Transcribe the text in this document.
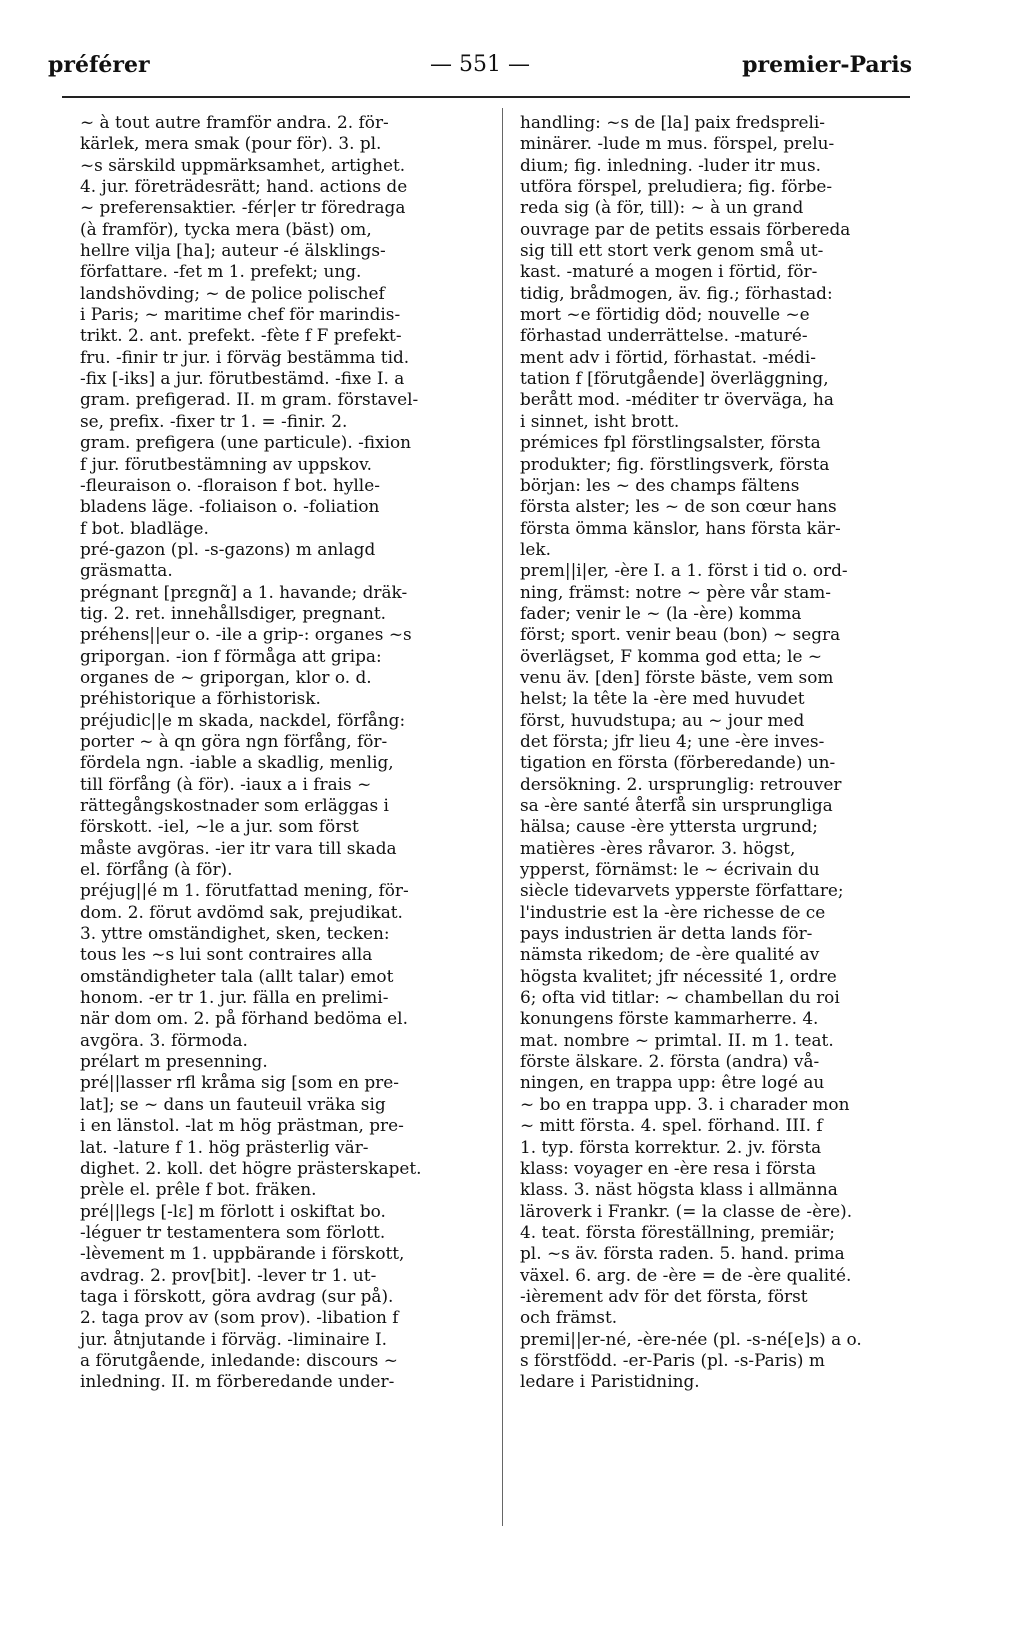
préférer	— 551 —	premier-Paris

~ à tout autre framför andra. 2. för-
kärlek, mera smak (pour för). 3. pl.
~s särskild uppmärksamhet, artighet.
4. jur. företrädesrätt; hand. actions de
~ preferensaktier. -fér|er tr föredraga
(à framför), tycka mera (bäst) om,
hellre vilja [ha]; auteur -é älsklings-
författare. -fet m 1. prefekt; ung.
landshövding; ~ de police polischef
i Paris; ~ maritime chef för marindis-
trikt. 2. ant. prefekt. -fète f F prefekt-
fru. -finir tr jur. i förväg bestämma tid.
-fix [-iks] a jur. förutbestämd. -fixe I. a
gram. prefigerad. II. m gram. förstavel-
se, prefix. -fixer tr 1. = -finir. 2.
gram. prefigera (une particule). -fixion
f jur. förutbestämning av uppskov.
-fleuraison o. -floraison f bot. hylle-
bladens läge. -foliaison o. -foliation
f bot. bladläge.

pré-gazon (pl. -s-gazons) m anlagd
gräsmatta.

prégnant [prɛgnɑ̃] a 1. havande; dräk-
tig. 2. ret. innehållsdiger, pregnant.

préhens||eur o. -ile a grip-: organes ~s
griporgan. -ion f förmåga att gripa:
organes de ~ griporgan, klor o. d.

préhistorique a förhistorisk.

préjudic||e m skada, nackdel, förfång:
porter ~ à qn göra ngn förfång, för-
fördela ngn. -iable a skadlig, menlig,
till förfång (à för). -iaux a i frais ~
rättegångskostnader som erläggas i
förskott. -iel, ~le a jur. som först
måste avgöras. -ier itr vara till skada
el. förfång (à för).

préjug||é m 1. förutfattad mening, för-
dom. 2. förut avdömd sak, prejudikat.
3. yttre omständighet, sken, tecken:
tous les ~s lui sont contraires alla
omständigheter tala (allt talar) emot
honom. -er tr 1. jur. fälla en prelimi-
när dom om. 2. på förhand bedöma el.
avgöra. 3. förmoda.

prélart m presenning.

pré||lasser rfl kråma sig [som en pre-
lat]; se ~ dans un fauteuil vräka sig
i en länstol. -lat m hög prästman, pre-
lat. -lature f 1. hög prästerlig vär-
dighet. 2. koll. det högre prästerskapet.

prèle el. prêle f bot. fräken.

pré||legs [-lɛ] m förlott i oskiftat bo.
-léguer tr testamentera som förlott.
-lèvement m 1. uppbärande i förskott,
avdrag. 2. prov[bit]. -lever tr 1. ut-
taga i förskott, göra avdrag (sur på).
2. taga prov av (som prov). -libation f
jur. åtnjutande i förväg. -liminaire I.
a förutgående, inledande: discours ~
inledning. II. m förberedande under-

handling: ~s de [la] paix fredspreli-
minärer. -lude m mus. förspel, prelu-
dium; fig. inledning. -luder itr mus.
utföra förspel, preludiera; fig. förbe-
reda sig (à för, till): ~ à un grand
ouvrage par de petits essais förbereda
sig till ett stort verk genom små ut-
kast. -maturé a mogen i förtid, för-
tidig, brådmogen, äv. fig.; förhastad:
mort ~e förtidig död; nouvelle ~e
förhastad underrättelse. -maturé-
ment adv i förtid, förhastat. -médi-
tation f [förutgående] överläggning,
berått mod. -méditer tr överväga, ha
i sinnet, isht brott.

prémices fpl förstlingsalster, första
produkter; fig. förstlingsverk, första
början: les ~ des champs fältens
första alster; les ~ de son cœur hans
första ömma känslor, hans första kär-
lek.

prem||i|er, -ère I. a 1. först i tid o. ord-
ning, främst: notre ~ père vår stam-
fader; venir le ~ (la -ère) komma
först; sport. venir beau (bon) ~ segra
överlägset, F komma god etta; le ~
venu äv. [den] förste bäste, vem som
helst; la tête la -ère med huvudet
först, huvudstupa; au ~ jour med
det första; jfr lieu 4; une -ère inves-
tigation en första (förberedande) un-
dersökning. 2. ursprunglig: retrouver
sa -ère santé återfå sin ursprungliga
hälsa; cause -ère yttersta urgrund;
matières -ères råvaror. 3. högst,
ypperst, förnämst: le ~ écrivain du
siècle tidevarvets ypperste författare;
l'industrie est la -ère richesse de ce
pays industrien är detta lands för-
nämsta rikedom; de -ère qualité av
högsta kvalitet; jfr nécessité 1, ordre
6; ofta vid titlar: ~ chambellan du roi
konungens förste kammarherre. 4.
mat. nombre ~ primtal. II. m 1. teat.
förste älskare. 2. första (andra) vå-
ningen, en trappa upp: être logé au
~ bo en trappa upp. 3. i charader mon
~ mitt första. 4. spel. förhand. III. f
1. typ. första korrektur. 2. jv. första
klass: voyager en -ère resa i första
klass. 3. näst högsta klass i allmänna
läroverk i Frankr. (= la classe de -ère).
4. teat. första föreställning, premiär;
pl. ~s äv. första raden. 5. hand. prima
växel. 6. arg. de -ère = de -ère qualité.
-ièrement adv för det första, först
och främst.

premi||er-né, -ère-née (pl. -s-né[e]s) a o.
s förstfödd. -er-Paris (pl. -s-Paris) m
ledare i Paristidning.
